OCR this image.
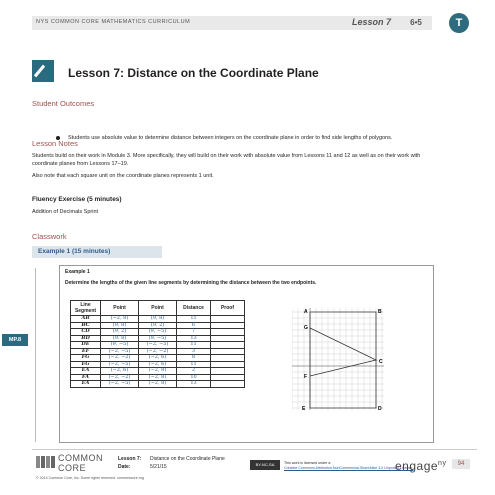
NYS COMMON CORE MATHEMATICS CURRICULUM	Lesson 7	6•5	T
Lesson 7: Distance on the Coordinate Plane
Student Outcomes
Students use absolute value to determine distance between integers on the coordinate plane in order to find side lengths of polygons.
Lesson Notes
Students build on their work in Module 3. More specifically, they will build on their work with absolute value from Lessons 11 and 12 as well as on their work with coordinate planes from Lessons 17–19.
Also note that each square unit on the coordinate planes represents 1 unit.
Fluency Exercise (5 minutes)
Addition of Decimals Sprint
Classwork
Example 1 (15 minutes)
MP.8
Example 1
Determine the lengths of the given line segments by determining the distance between the two endpoints.
Line Segment	Point	Point	Distance	Proof
AB	(−2, 8)	(9, 8)	11	
BC	(9, 8)	(9, 2)	6	
CD	(9, 2)	(9, −5)	7	
BD	(9, 8)	(9, −5)	13	
DE	(9, −5)	(−2, −5)	11	
EF	(−2, −5)	(−2, −2)	3	
FG	(−2, −2)	(−2, 6)	8	
EG	(−2, −5)	(−2, 6)	11	
EA	(−2, 6)	(−2, 8)	2	
FA	(−2, −2)	(−2, 8)	10	
EA	(−2, −5)	(−2, 8)	13	
A	B
C
D
E
F
G
COMMON
CORE
Lesson 7: Distance on the Coordinate Plane
Date:	5/21/15	BY-NC-SA	This work is licensed under a
Creative Commons Attribution-NonCommercial-ShareAlike 3.0 Unported License.
engage$^{ny}$	94
© 2014 Common Core, Inc. Some rights reserved. commoncore.org
